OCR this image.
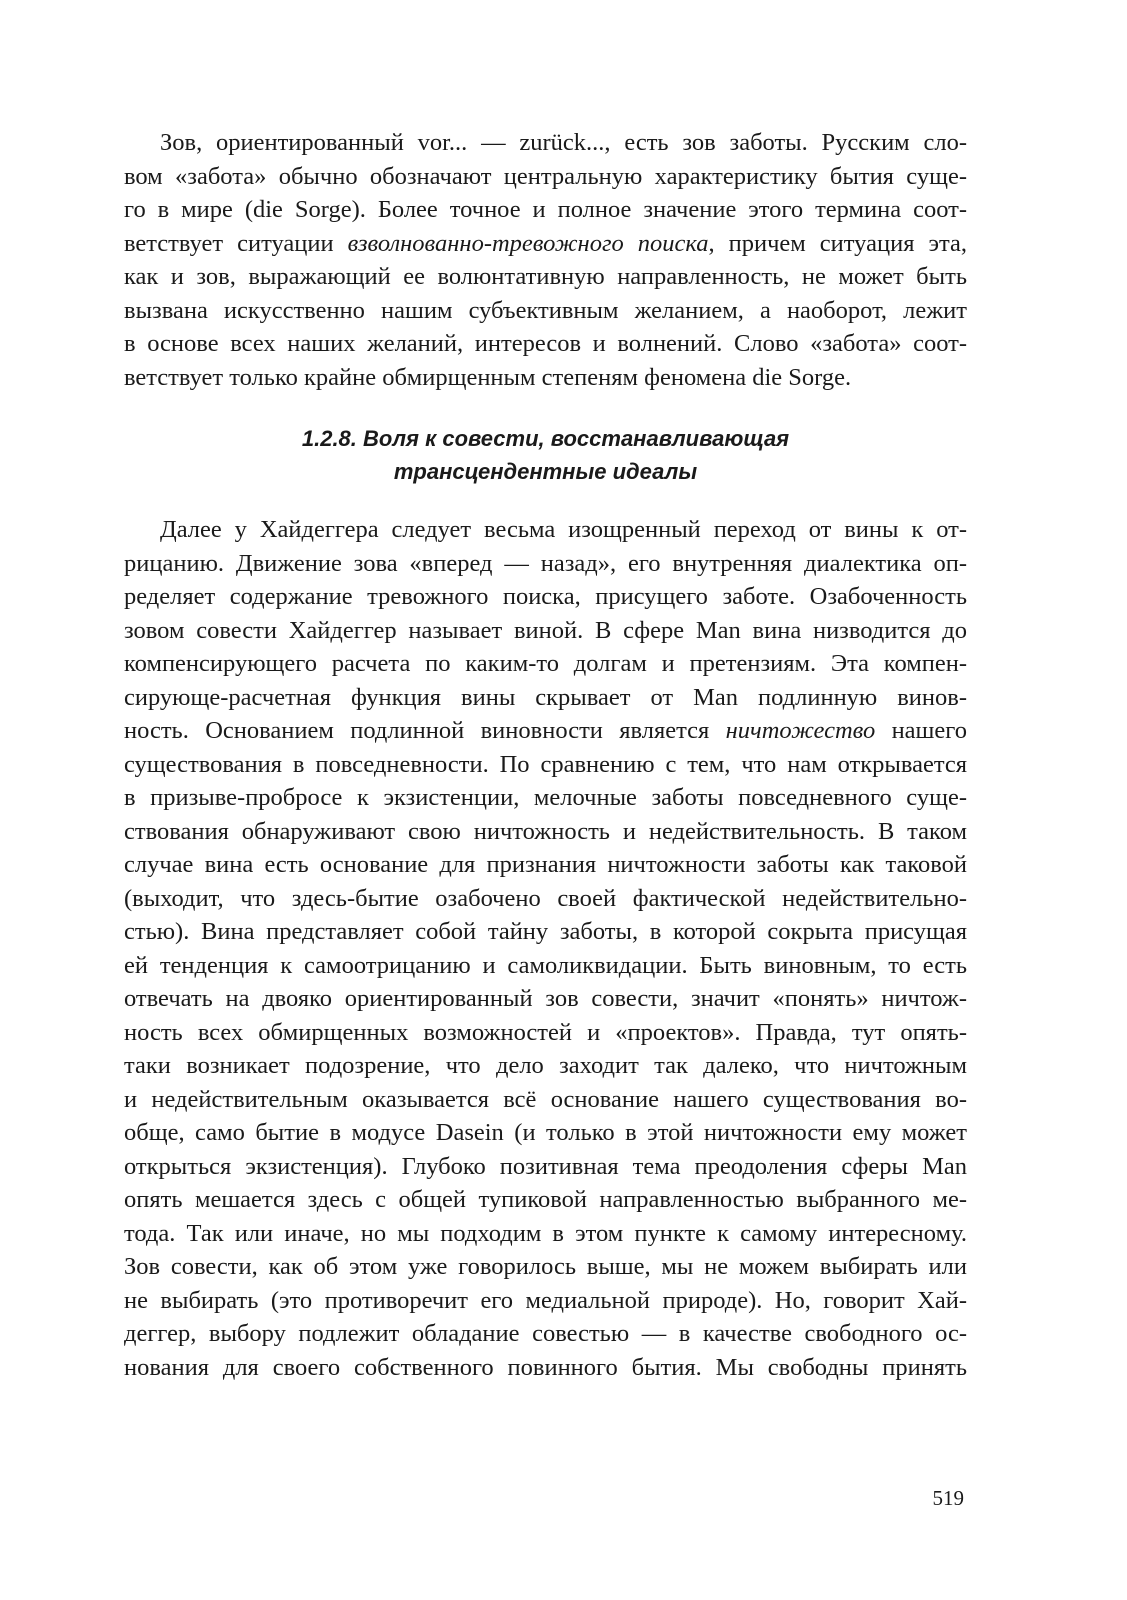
Зов, ориентированный vor... — zurück..., есть зов заботы. Русским сло-
вом «забота» обычно обозначают центральную характеристику бытия суще-
го в мире (die Sorge). Более точное и полное значение этого термина соот-
ветствует ситуации взволнованно-тревожного поиска, причем ситуация эта,
как и зов, выражающий ее волюнтативную направленность, не может быть
вызвана искусственно нашим субъективным желанием, а наоборот, лежит
в основе всех наших желаний, интересов и волнений. Слово «забота» соот-
ветствует только крайне обмирщенным степеням феномена die Sorge.
1.2.8. Воля к совести, восстанавливающая
трансцендентные идеалы
Далее у Хайдеггера следует весьма изощренный переход от вины к от-
рицанию. Движение зова «вперед — назад», его внутренняя диалектика оп-
ределяет содержание тревожного поиска, присущего заботе. Озабоченность
зовом совести Хайдеггер называет виной. В сфере Man вина низводится до
компенсирующего расчета по каким-то долгам и претензиям. Эта компен-
сирующе-расчетная функция вины скрывает от Man подлинную винов-
ность. Основанием подлинной виновности является ничтожество нашего
существования в повседневности. По сравнению с тем, что нам открывается
в призыве-пробросе к экзистенции, мелочные заботы повседневного суще-
ствования обнаруживают свою ничтожность и недействительность. В таком
случае вина есть основание для признания ничтожности заботы как таковой
(выходит, что здесь-бытие озабочено своей фактической недействительно-
стью). Вина представляет собой тайну заботы, в которой сокрыта присущая
ей тенденция к самоотрицанию и самоликвидации. Быть виновным, то есть
отвечать на двояко ориентированный зов совести, значит «понять» ничтож-
ность всех обмирщенных возможностей и «проектов». Правда, тут опять-
таки возникает подозрение, что дело заходит так далеко, что ничтожным
и недействительным оказывается всё основание нашего существования во-
обще, само бытие в модусе Dasein (и только в этой ничтожности ему может
открыться экзистенция). Глубоко позитивная тема преодоления сферы Man
опять мешается здесь с общей тупиковой направленностью выбранного ме-
тода. Так или иначе, но мы подходим в этом пункте к самому интересному.
Зов совести, как об этом уже говорилось выше, мы не можем выбирать или
не выбирать (это противоречит его медиальной природе). Но, говорит Хай-
деггер, выбору подлежит обладание совестью — в качестве свободного ос-
нования для своего собственного повинного бытия. Мы свободны принять
519
